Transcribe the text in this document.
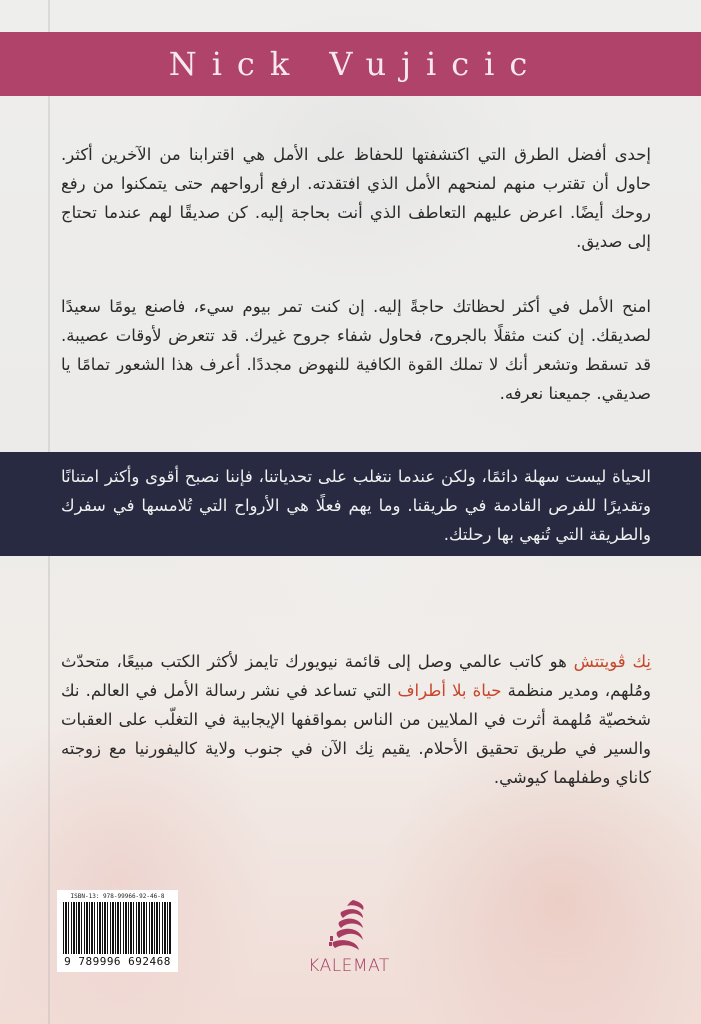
Nick Vujicic

إحدى أفضل الطرق التي اكتشفتها للحفاظ على الأمل هي اقترابنا من الآخرين أكثر. حاول أن تقترب منهم لمنحهم الأمل الذي افتقدته. ارفع أرواحهم حتى يتمكنوا من رفع روحك أيضًا. اعرض عليهم التعاطف الذي أنت بحاجة إليه. كن صديقًا لهم عندما تحتاج إلى صديق.

امنح الأمل في أكثر لحظاتك حاجةً إليه. إن كنت تمر بيوم سيء، فاصنع يومًا سعيدًا لصديقك. إن كنت مثقلًا بالجروح، فحاول شفاء جروح غيرك. قد تتعرض لأوقات عصيبة. قد تسقط وتشعر أنك لا تملك القوة الكافية للنهوض مجددًا. أعرف هذا الشعور تمامًا يا صديقي. جميعنا نعرفه.

الحياة ليست سهلة دائمًا، ولكن عندما نتغلب على تحدياتنا، فإننا نصبح أقوى وأكثر امتنانًا وتقديرًا للفرص القادمة في طريقنا. وما يهم فعلًا هي الأرواح التي تُلامسها في سفرك والطريقة التي تُنهي بها رحلتك.

نِك ڤويتتش هو كاتب عالمي وصل إلى قائمة نيويورك تايمز لأكثر الكتب مبيعًا، متحدّث ومُلهم، ومدير منظمة حياة بلا أطراف التي تساعد في نشر رسالة الأمل في العالم. نك شخصيّة مُلهمة أثرت في الملايين من الناس بمواقفها الإيجابية في التغلّب على العقبات والسير في طريق تحقيق الأحلام. يقيم نِك الآن في جنوب ولاية كاليفورنيا مع زوجته كاناي وطفلهما كيوشي.

ISBN-13: 978-99966-92-46-8
9 789996 692468	KALEMAT
